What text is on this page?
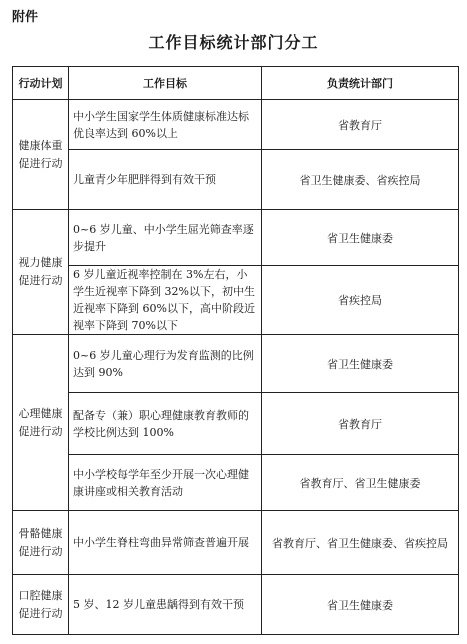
附件
工作目标统计部门分工
行动计划	工作目标	负责统计部门
健康体重促进行动	中小学生国家学生体质健康标准达标优良率达到 60%以上	省教育厅
	儿童青少年肥胖得到有效干预	省卫生健康委、省疾控局
视力健康促进行动	0~6 岁儿童、中小学生屈光筛查率逐步提升	省卫生健康委
	6 岁儿童近视率控制在 3%左右，小学生近视率下降到 32%以下，初中生近视率下降到 60%以下，高中阶段近视率下降到 70%以下	省疾控局
心理健康促进行动	0~6 岁儿童心理行为发育监测的比例达到 90%	省卫生健康委
	配备专（兼）职心理健康教育教师的学校比例达到 100%	省教育厅
	中小学校每学年至少开展一次心理健康讲座或相关教育活动	省教育厅、省卫生健康委
骨骼健康促进行动	中小学生脊柱弯曲异常筛查普遍开展	省教育厅、省卫生健康委、省疾控局
口腔健康促进行动	5 岁、12 岁儿童患龋得到有效干预	省卫生健康委
